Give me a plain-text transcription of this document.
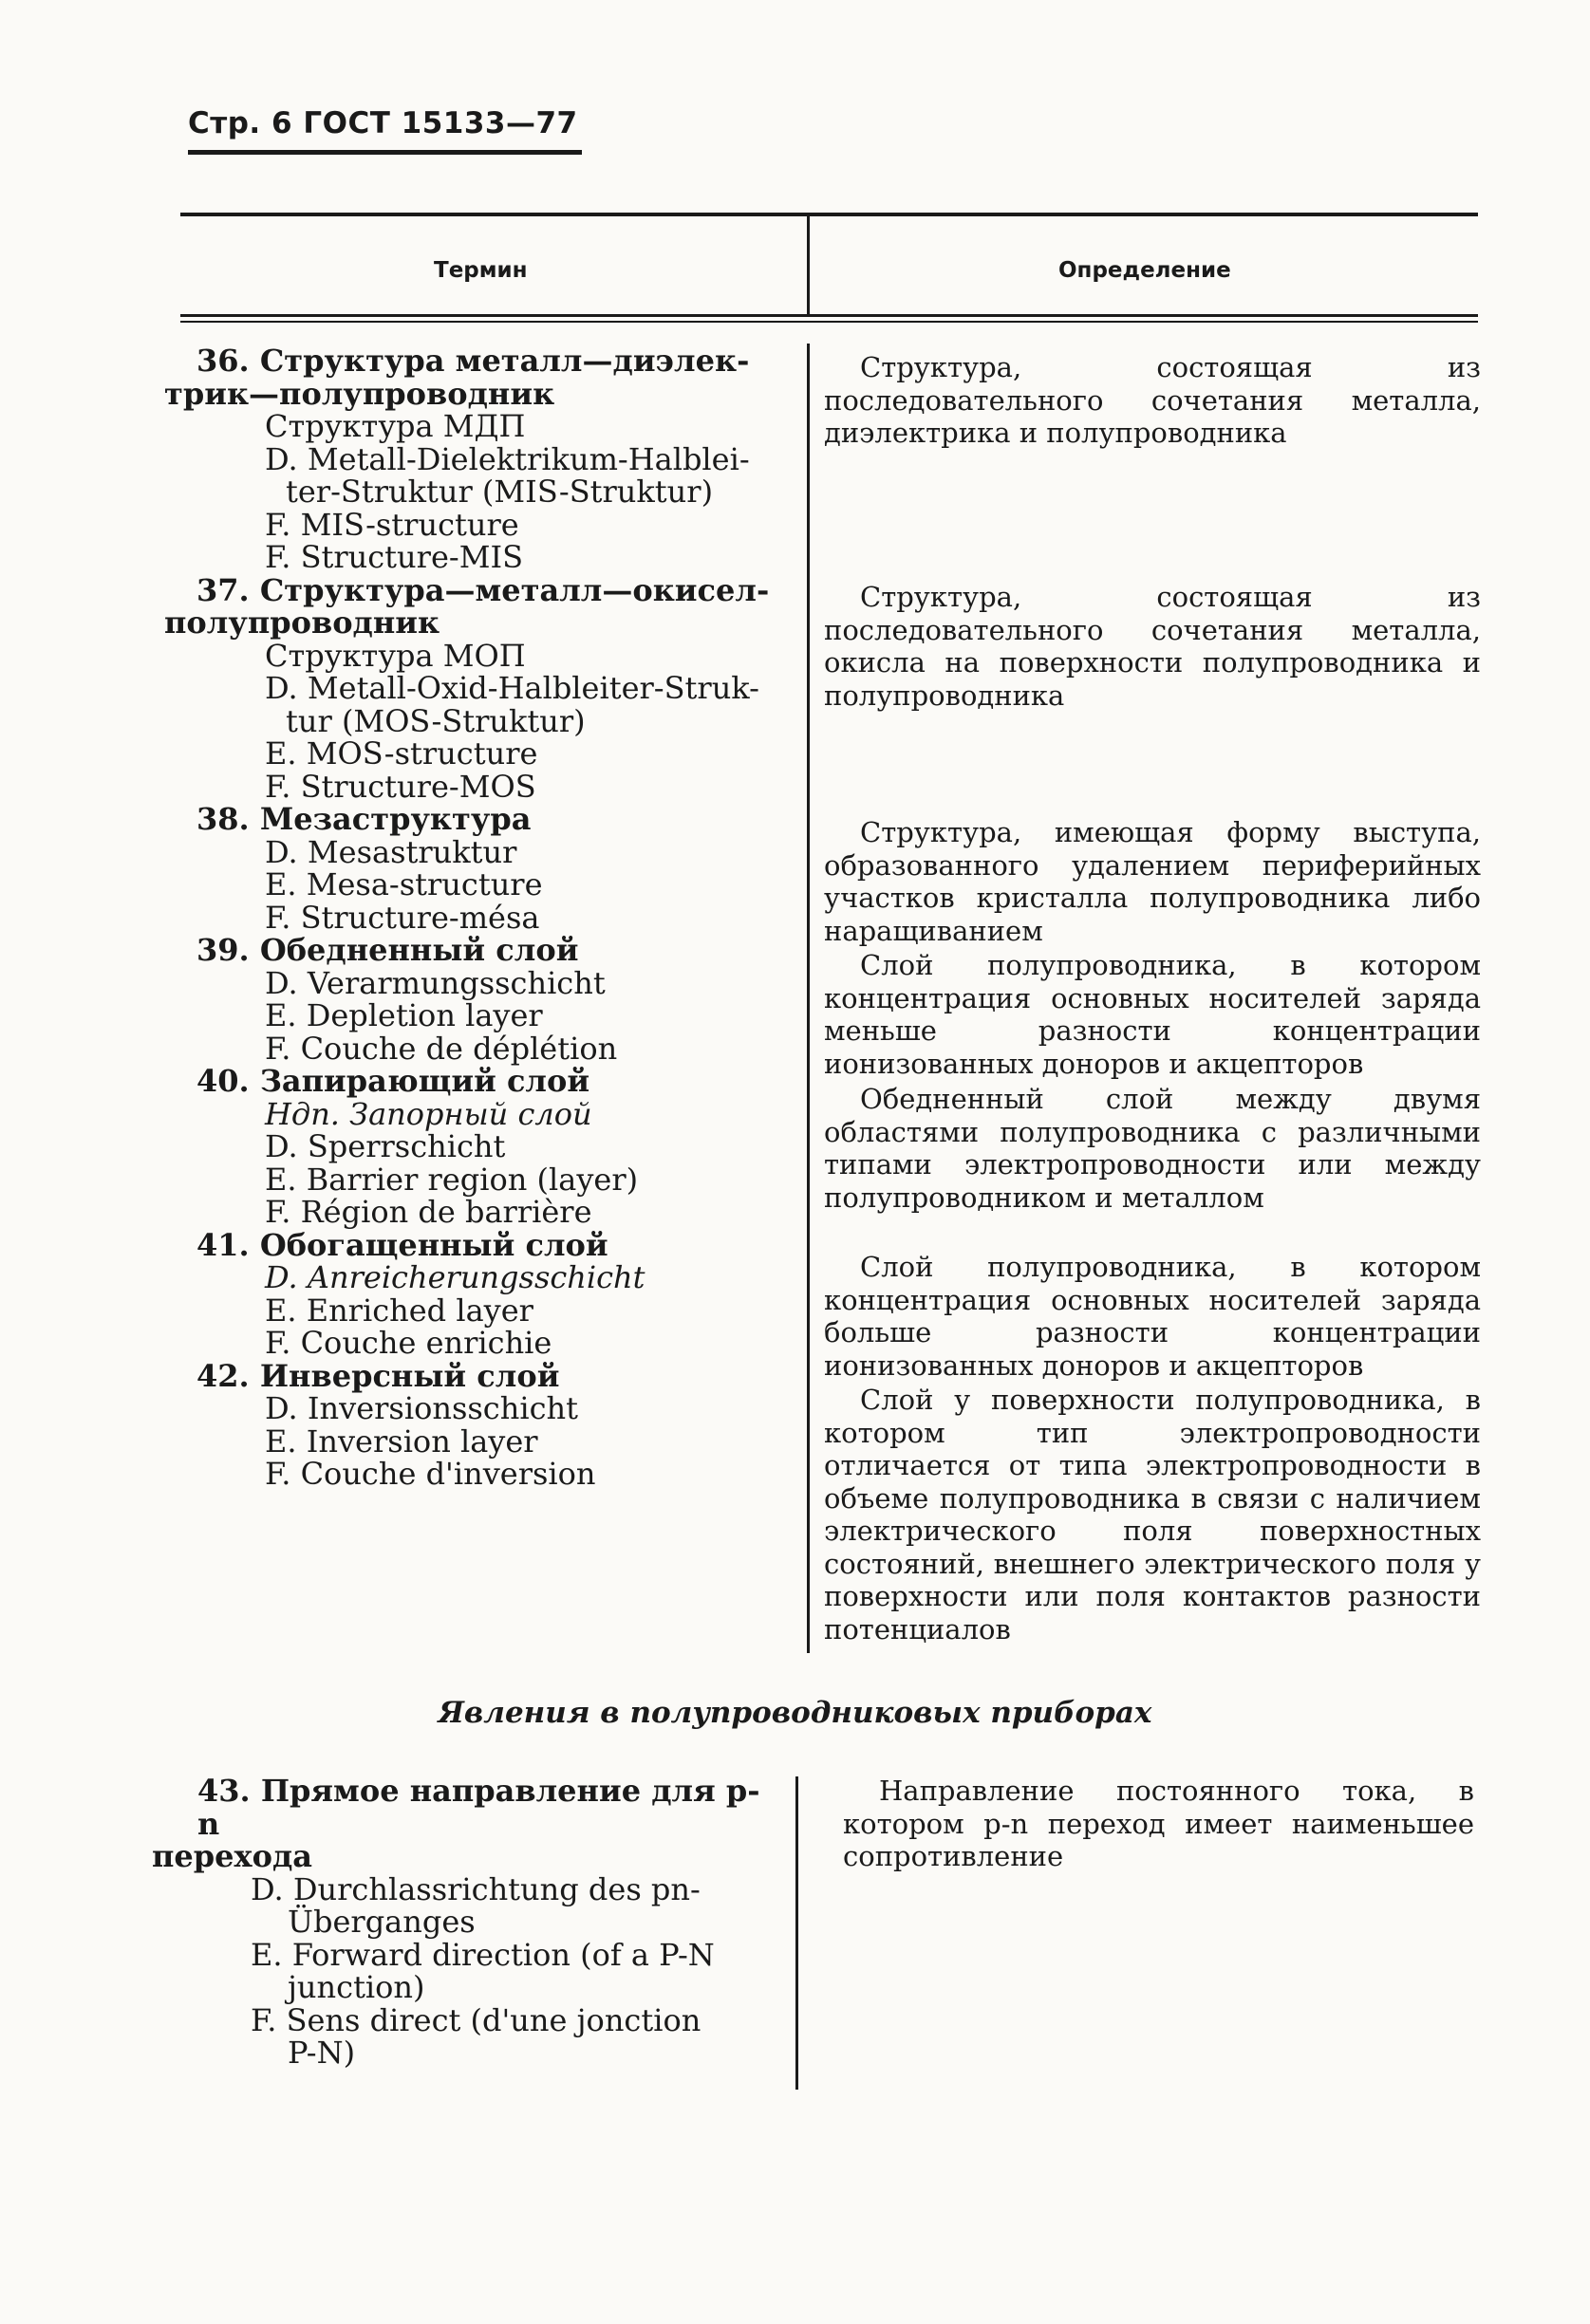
Стр. 6 ГОСТ 15133—77
Термин	Определение
36. Структура металл—диэлек-
трик—полупроводник
Структура МДП
D. Metall-Dielektrikum-Halblei-
ter-Struktur (MIS-Struktur)
F. MIS-structure
F. Structure-MIS
37. Структура—металл—окисел-
полупроводник
Структура МОП
D. Metall-Oxid-Halbleiter-Struk-
tur (MOS-Struktur)
E. MOS-structure
F. Structure-MOS
38. Мезаструктура
D. Mesastruktur
E. Mesa-structure
F. Structure-mésa
39. Обедненный слой
D. Verarmungsschicht
E. Depletion layer
F. Couche de déplétion
40. Запирающий слой
Ндп. Запорный слой
D. Sperrschicht
E. Barrier region (layer)
F. Région de barrière
41. Обогащенный слой
D. Anreicherungsschicht
E. Enriched layer
F. Couche enrichie
42. Инверсный слой
D. Inversionsschicht
E. Inversion layer
F. Couche d'inversion
Структура, состоящая из последовательного сочетания металла, диэлектрика и полупроводника
Структура, состоящая из последовательного сочетания металла, окисла на поверхности полупроводника и полупроводника
Структура, имеющая форму выступа, образованного удалением периферийных участков кристалла полупроводника либо наращиванием
Слой полупроводника, в котором концентрация основных носителей заряда меньше разности концентрации ионизованных доноров и акцепторов
Обедненный слой между двумя областями полупроводника с различными типами электропроводности или между полупроводником и металлом
Слой полупроводника, в котором концентрация основных носителей заряда больше разности концентрации ионизованных доноров и акцепторов
Слой у поверхности полупроводника, в котором тип электропроводности отличается от типа электропроводности в объеме полупроводника в связи с наличием электрического поля поверхностных состояний, внешнего электрического поля у поверхности или поля контактов разности потенциалов
Явления в полупроводниковых приборах
43. Прямое направление для p-n
перехода
D. Durchlassrichtung des pn-
Überganges
E. Forward direction (of a P-N
junction)
F. Sens direct (d'une jonction
P-N)
Направление постоянного тока, в котором p-n переход имеет наименьшее сопротивление
